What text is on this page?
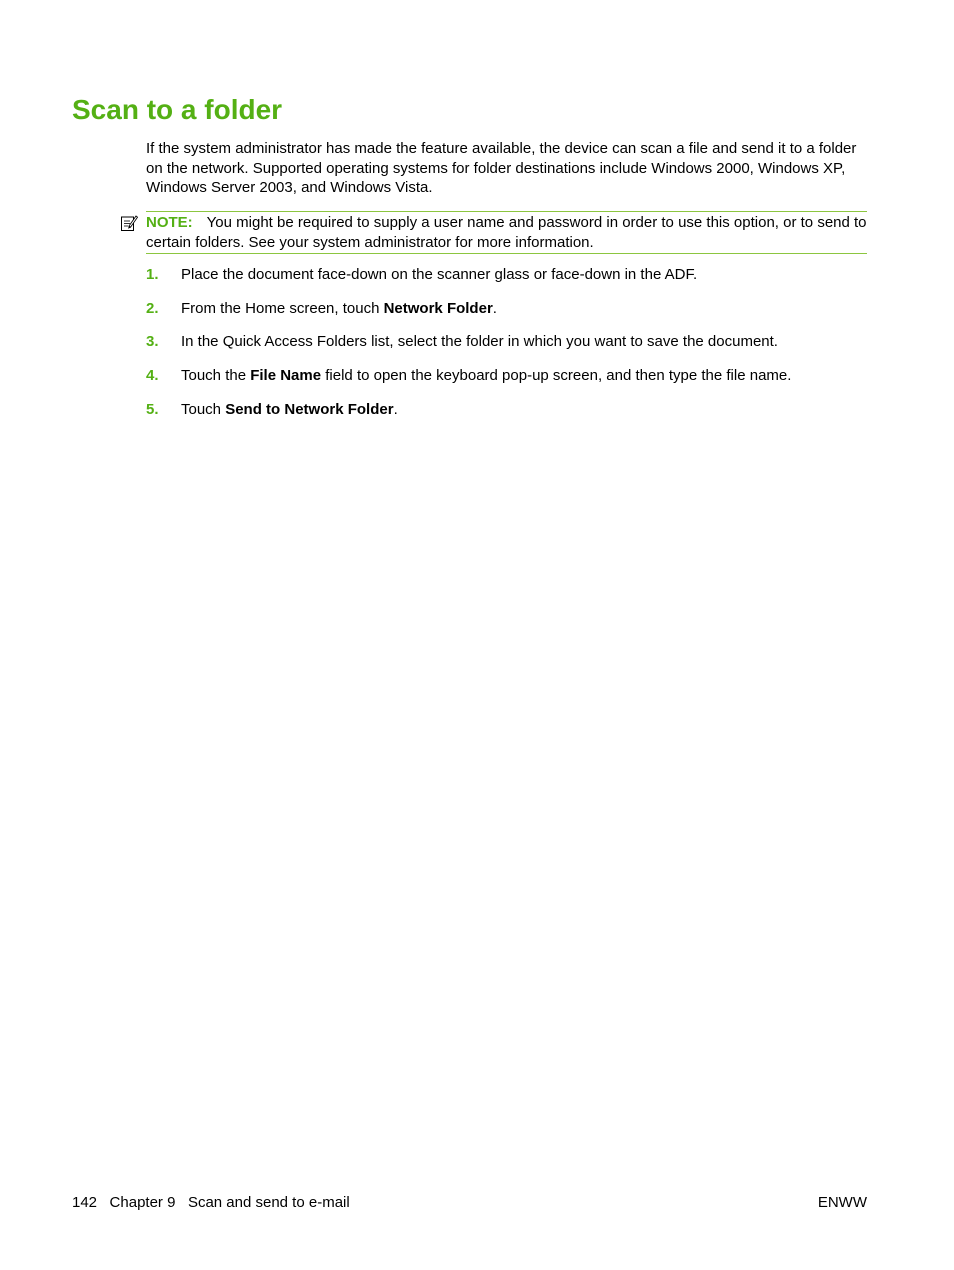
Scan to a folder

If the system administrator has made the feature available, the device can scan a file and send it to a folder on the network. Supported operating systems for folder destinations include Windows 2000, Windows XP, Windows Server 2003, and Windows Vista.

NOTE: You might be required to supply a user name and password in order to use this option, or to send to certain folders. See your system administrator for more information.
1. Place the document face-down on the scanner glass or face-down in the ADF.
2. From the Home screen, touch Network Folder.
3. In the Quick Access Folders list, select the folder in which you want to save the document.
4. Touch the File Name field to open the keyboard pop-up screen, and then type the file name.
5. Touch Send to Network Folder.
142 Chapter 9 Scan and send to e-mail	ENWW
